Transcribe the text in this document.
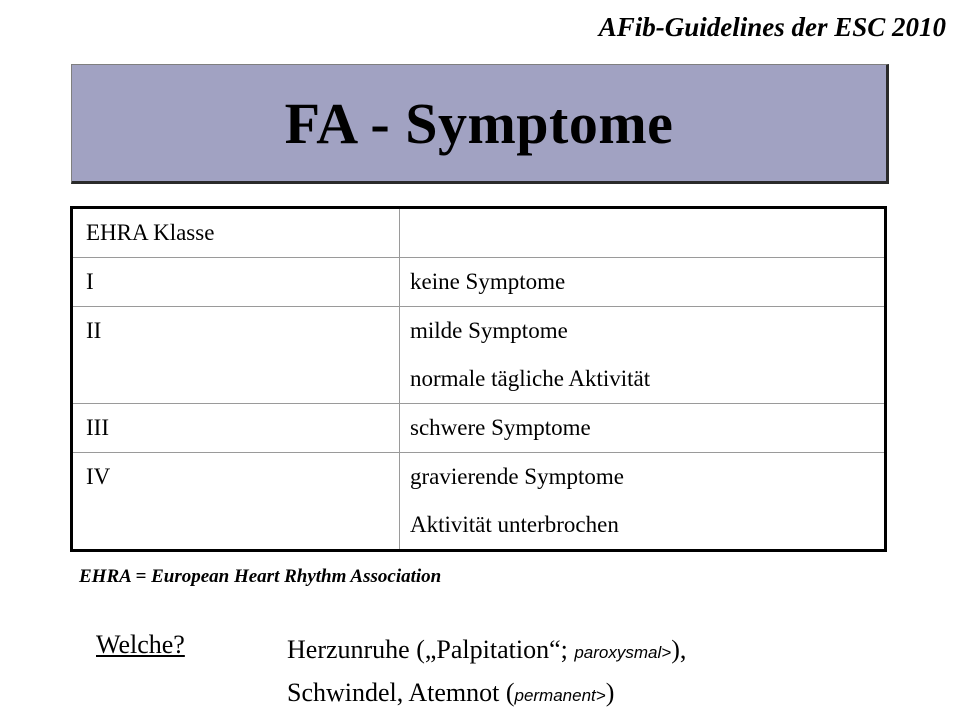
AFib-Guidelines der ESC 2010
FA - Symptome
EHRA Klasse	
I	keine Symptome
II	milde Symptome
normale tägliche Aktivität

III	schwere Symptome
IV	gravierende Symptome
Aktivität unterbrochen
EHRA = European Heart Rhythm Association
Welche?	Herzunruhe („Palpitation“; paroxysmal>),
Schwindel, Atemnot (permanent>)
